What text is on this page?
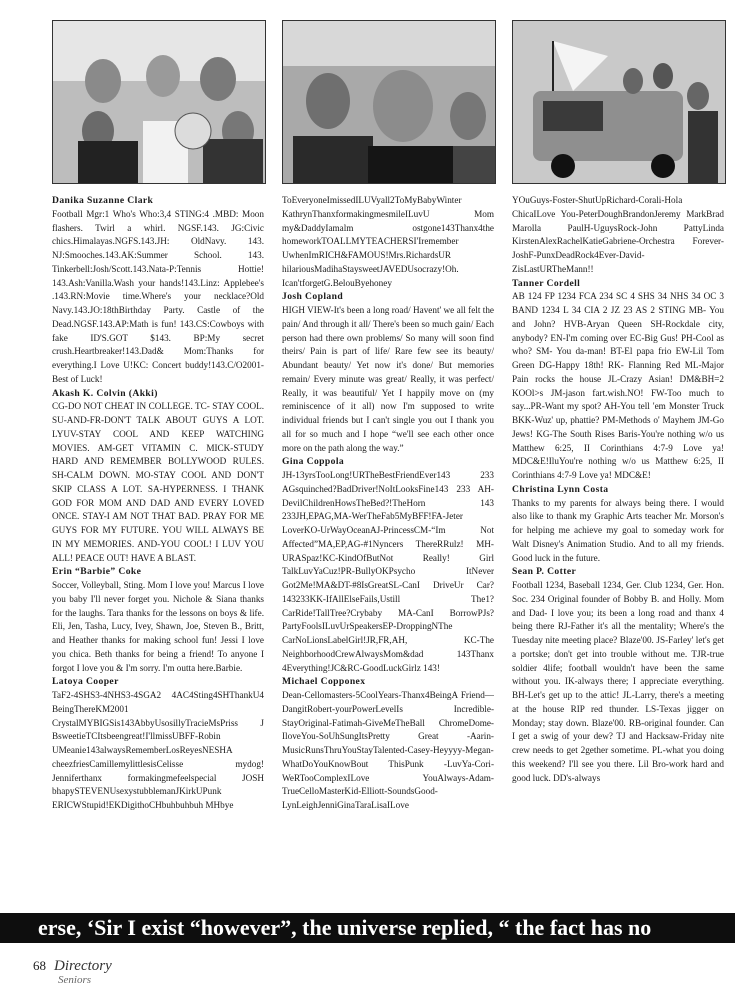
Danika Suzanne Clark

Football Mgr:1 Who's Who:3,4 STING:4 .MBD: Moon flashers. Twirl a whirl. NGSF.143. JG:Civic chics.Himalayas.NGFS.143.JH: OldNavy. 143. NJ:Smooches.143.AK:Summer School. 143. Tinkerbell:Josh/Scott.143.Nata-P:Tennis Hottie! 143.Ash:Vanilla.Wash your hands!143.Linz: Applebee's .143.RN:Movie time.Where's your necklace?Old Navy.143.JO:18thBirthday Party. Castle of the Dead.NGSF.143.AP:Math is fun! 143.CS:Cowboys with fake ID'S.GOT $143. BP:My secret crush.Heartbreaker!143.Dad& Mom:Thanks for everything.I Love U!KC: Concert buddy!143.C/O2001-Best of Luck!

Akash K. Colvin (Akki)

CG-DO NOT CHEAT IN COLLEGE. TC- STAY COOL. SU-AND-FR-DON'T TALK ABOUT GUYS A LOT. LYUV-STAY COOL AND KEEP WATCHING MOVIES. AM-GET VITAMIN C. MICK-STUDY HARD AND REMEMBER BOLLYWOOD RULES. SH-CALM DOWN. MO-STAY COOL AND DON'T SKIP CLASS A LOT. SA-HYPERNESS. I THANK GOD FOR MOM AND DAD AND EVERY LOVED ONCE. STAY-I AM NOT THAT BAD. PRAY FOR ME GUYS FOR MY FUTURE. YOU WILL ALWAYS BE IN MY MEMORIES. AND-YOU COOL! I LUV YOU ALL! PEACE OUT! HAVE A BLAST.

Erin “Barbie” Coke

Soccer, Volleyball, Sting. Mom I love you! Marcus I love you baby I'll never forget you. Nichole & Siana thanks for the laughs. Tara thanks for the lessons on boys & life. Eli, Jen, Tasha, Lucy, Ivey, Shawn, Joe, Steven B., Britt, and Heather thanks for making school fun! Jessi I love you chica. Beth thanks for being a friend! To anyone I forgot I love you & I'm sorry. I'm outta here.Barbie.

Latoya Cooper

TaF2-4SHS3-4NHS3-4SGA2 4AC4Sting4SHThankU4 BeingThereKM2001 CrystalMYBIGSis143AbbyUsosillyTracieMsPriss J BsweetieTCItsbeengreat!I'llmissUBFF-Robin UMeanie143alwaysRememberLosReyesNESHA cheezfriesCamillemylittlesisCelisse mydog! Jenniferthanx formakingmefeelspecial JOSH bhapySTEVENUsexystubblemanJKirkUPunk ERICWStupid!EKDigithoCHbuhbuhbuh MHbye

ToEveryoneImissedILUVyall2ToMyBabyWinter KathrynThanxformakingmesmileILuvU Mom my&DaddyIamalm ostgone143Thanx4the homeworkTOALLMYTEACHERSI'Iremember UwhenImRICH&FAMOUS!Mrs.RichardsUR hilariousMadihaStaysweetJAVEDUsocrazy!Oh. Ican'tforgetG.BelouByehoney

Josh Copland

HIGH VIEW-It's been a long road/ Havent' we all felt the pain/ And through it all/ There's been so much gain/ Each person had there own problems/ So many will soon find theirs/ Pain is part of life/ Rare few see its beauty/ Abundant beauty/ Yet now it's done/ But memories remain/ Every minute was great/ Really, it was perfect/ Really, it was beautiful/ Yet I happily move on (my reminiscence of it all) now I'm supposed to write individual friends but I can't single you out I thank you all for so much and I hope “we'll see each other once more on the path along the way.”

Gina Coppola

JH-13yrsTooLong!URTheBestFriendEver143 233 AGsquinched?BadDriver!NoItLooksFine143 233 AH-DevilChildrenHowsTheBed?!TheHorn 143 233JH,EPAG,MA-WerTheFab5MyBFF!FA-Jeter LoverKO-UrWayOceanAJ-PrincessCM-“Im Not Affected”MA,EP,AG-#1Nyncers ThereRRulz! MH-URASpaz!KC-KindOfButNot Really! Girl TalkLuvYaCuz!PR-BullyOKPsycho ItNever Got2Me!MA&DT-#8IsGreatSL-CanI DriveUr Car?143233KK-IfAllElseFails,Ustill The1? CarRide!TallTree?Crybaby MA-CanI BorrowPJs? PartyFoolsILuvUrSpeakersEP-DroppingNThe CarNoLionsLabelGirl!JR,FR,AH, KC-The NeighborhoodCrewAlwaysMom&dad 143Thanx 4Everything!JC&RC-GoodLuckGirlz 143!

Michael Copponex

Dean-Cellomasters-5CoolYears-Thanx4BeingA Friend—DangitRobert-yourPowerLevelIs Incredible-StayOriginal-Fatimah-GiveMeTheBall ChromeDome-IloveYou-SoUhSungItsPretty Great -Aarin-MusicRunsThruYouStayTalented-Casey-Heyyyy-Megan-WhatDoYouKnowBout ThisPunk -LuvYa-Cori-WeRTooComplexILove YouAlways-Adam-TrueCelloMasterKid-Elliott-SoundsGood-LynLeighJenniGinaTaraLisaILove

YOuGuys-Foster-ShutUpRichard-Corali-Hola ChicaILove You-PeterDoughBrandonJeremy MarkBrad Marolla PaulH-UguysRock-John PattyLinda KirstenAlexRachelKatieGabriene-Orchestra Forever-JoshF-PunxDeadRock4Ever-David-ZisLastURTheMann!!

Tanner Cordell

AB 124 FP 1234 FCA 234 SC 4 SHS 34 NHS 34 OC 3 BAND 1234 L 34 CIA 2 JZ 23 AS 2 STING MB- You and John? HVB-Aryan Queen SH-Rockdale city, anybody? EN-I'm coming over EC-Big Gus! PH-Cool as who? SM- You da-man! BT-El papa frio EW-Lil Tom Green DG-Happy 18th! RK- Flanning Red ML-Major Pain rocks the house JL-Crazy Asian! DM&BH=2 KOOl>s JM-jason fart.wish.NO! FW-Too much to say...PR-Want my spot? AH-You tell 'em Monster Truck BKK-Wuz' up, phattie? PM-Methods o' Mayhem JM-Go Jews! KG-The South Rises Baris-You're nothing w/o us Matthew 6:25, II Corinthians 4:7-9 Love ya! MDC&E!IluYou're nothing w/o us Matthew 6:25, II Corinthians 4:7-9 Love ya! MDC&E!

Christina Lynn Costa

Thanks to my parents for always being there. I would also like to thank my Graphic Arts teacher Mr. Morson's for helping me achieve my goal to someday work for Walt Disney's Animation Studio. And to all my friends. Good luck in the future.

Sean P. Cotter

Football 1234, Baseball 1234, Ger. Club 1234, Ger. Hon. Soc. 234 Original founder of Bobby B. and Holly. Mom and Dad- I love you; its been a long road and thanx 4 being there RJ-Father it's all the mentality; Where's the Tuesday nite meeting place? Blaze'00. JS-Farley' let's get a portske; don't get into trouble without me. TJR-true soldier 4life; football wouldn't have been the same without you. IK-always there; I appreciate everything. BH-Let's get up to the attic! JL-Larry, there's a meeting at the house RIP red thunder. LS-Texas jigger on Monday; stay down. Blaze'00. RB-original founder. Can I get a swig of your dew? TJ and Hacksaw-Friday nite crew needs to get 2gether sometime. PL-what you doing this weekend? I'll see you there. Lil Bro-work hard and good luck. DD's-always

erse, ‘Sir I exist “however”, the universe replied, “ the fact has no
68 Directory
Seniors
